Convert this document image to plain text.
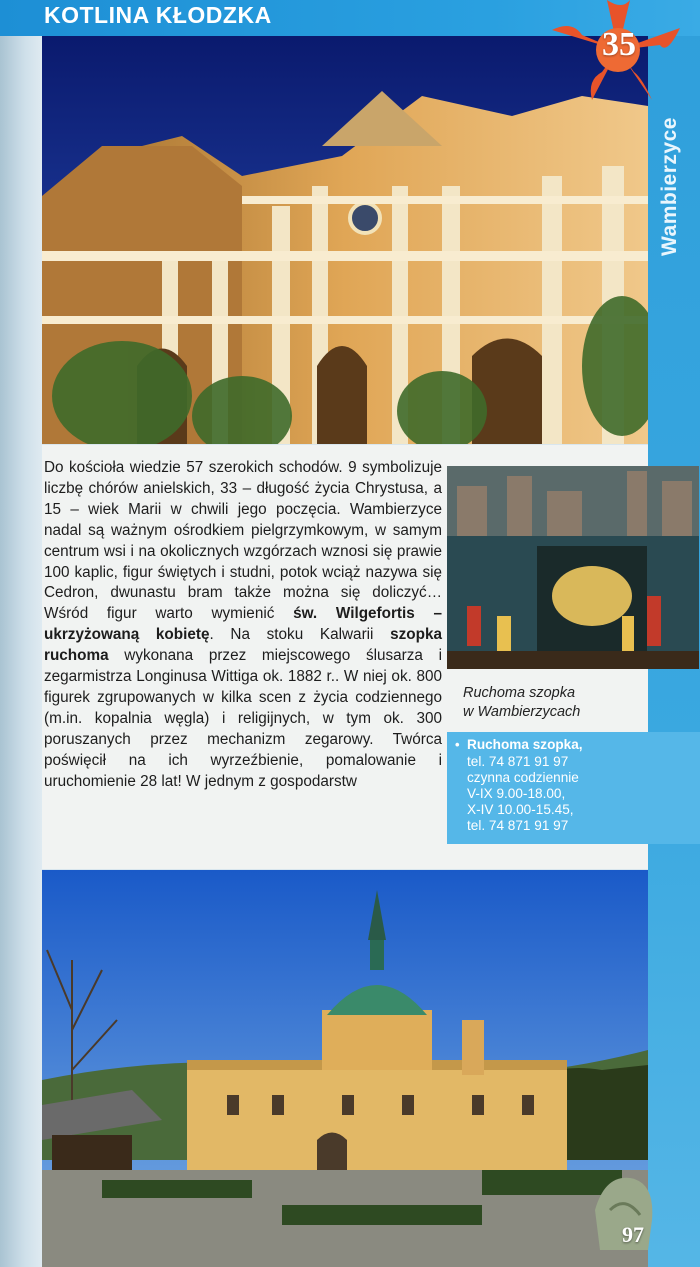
KOTLINA KŁODZKA
35
Wambierzyce
Do kościoła wiedzie 57 szerokich schodów. 9 symbolizuje liczbę chórów anielskich, 33 – długość życia Chrystusa, a 15 – wiek Marii w chwili jego poczęcia. Wambierzyce nadal są ważnym ośrodkiem pielgrzymkowym, w samym centrum wsi i na okolicznych wzgórzach wznosi się prawie 100 kaplic, figur świętych i studni, potok wciąż nazywa się Cedron, dwunastu bram także można się doliczyć… Wśród figur warto wymienić św. Wilgefortis – ukrzyżowaną kobietę. Na stoku Kalwarii szopka ruchoma wykonana przez miejscowego ślusarza i zegarmistrza Longinusa Wittiga ok. 1882 r.. W niej ok. 800 figurek zgrupowanych w kilka scen z życia codziennego (m.in. kopalnia węgla) i religijnych, w tym ok. 300 poruszanych przez mechanizm zegarowy. Twórca poświęcił na ich wyrzeźbienie, pomalowanie i uruchomienie 28 lat! W jednym z gospodarstw
Ruchoma szopka
w Wambierzycach
• Ruchoma szopka,
tel. 74 871 91 97
czynna codziennie
V-IX 9.00-18.00,
X-IV 10.00-15.45,
tel. 74 871 91 97
97
